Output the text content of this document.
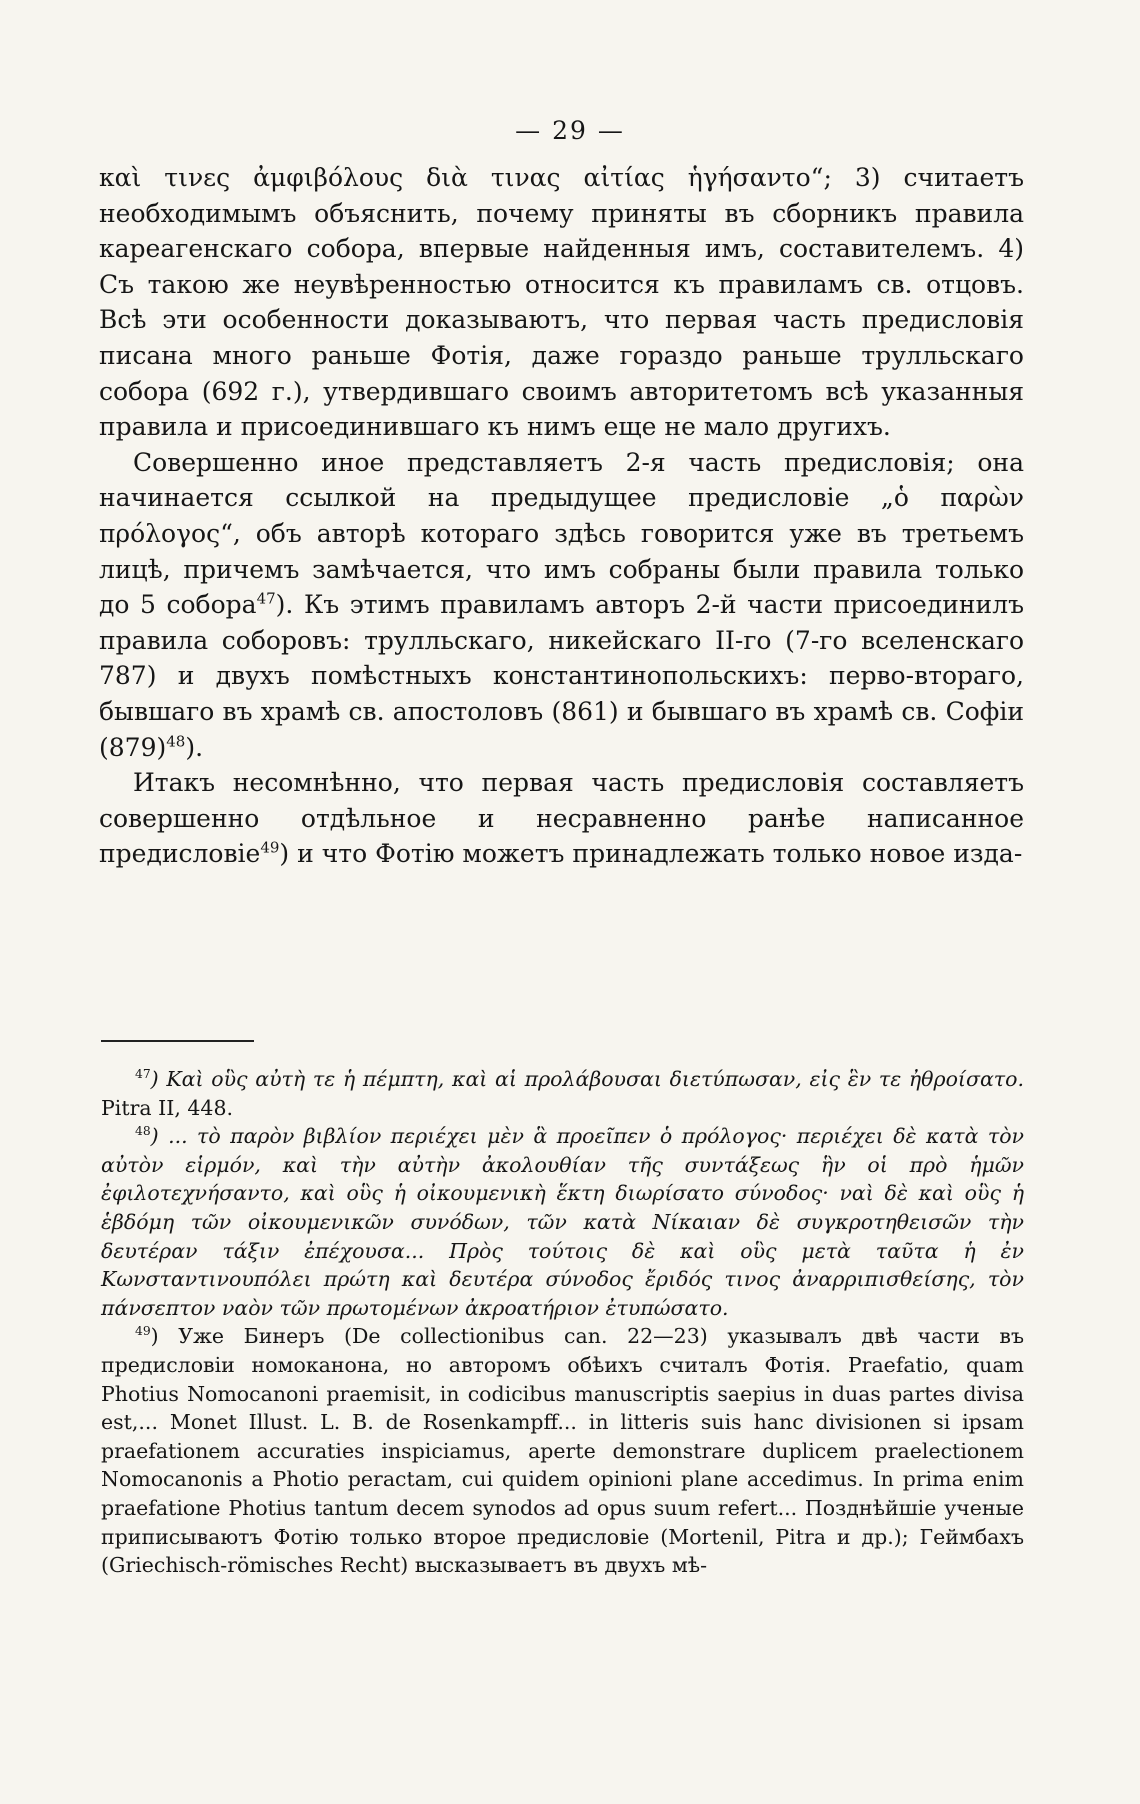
— 29 —

καὶ τινες ἀμφιβόλους διὰ τινας αἰτίας ἡγήσαντο“; 3) считаетъ необходимымъ объяснить, почему приняты въ сборникъ правила кареагенскаго собора, впервые найденныя имъ, составителемъ. 4) Съ такою же неувѣренностью относится къ правиламъ св. отцовъ. Всѣ эти особенности доказываютъ, что первая часть предисловія писана много раньше Фотія, даже гораздо раньше трулльскаго собора (692 г.), утвердившаго своимъ авторитетомъ всѣ указанныя правила и присоединившаго къ нимъ еще не мало другихъ.

Совершенно иное представляетъ 2-я часть предисловія; она начинается ссылкой на предыдущее предисловіе „ὁ παρὼν πρόλογος“, объ авторѣ котораго здѣсь говорится уже въ третьемъ лицѣ, причемъ замѣчается, что имъ собраны были правила только до 5 собора$^{47}$). Къ этимъ правиламъ авторъ 2-й части присоединилъ правила соборовъ: трулльскаго, никейскаго II-го (7-го вселенскаго 787) и двухъ помѣстныхъ константинопольскихъ: перво-втораго, бывшаго въ храмѣ св. апостоловъ (861) и бывшаго въ храмѣ св. Софіи $(879)^{48}$).

Итакъ несомнѣнно, что первая часть предисловія составляетъ совершенно отдѣльное и несравненно ранѣе написанное предисловіе$^{49}$) и что Фотію можетъ принадлежать только новое изда-

$^{47}$) Καὶ οὓς αὐτὴ τε ἡ πέμπτη, καὶ αἱ προλάβουσαι διετύπωσαν, εἰς ἓν τε ἠθροίσατο. Pitra II, 448.

$^{48}$) ... τὸ παρὸν βιβλίον περιέχει μὲν ἃ προεῖπεν ὁ πρόλογος· περιέχει δὲ κατὰ τὸν αὐτὸν εἱρμόν, καὶ τὴν αὐτὴν ἀκολουθίαν τῆς συντάξεως ἣν οἱ πρὸ ἡμῶν ἐφιλοτεχνήσαντο, καὶ οὓς ἡ οἰκουμενικὴ ἕκτη διωρίσατο σύνοδος· ναὶ δὲ καὶ οὓς ἡ ἑβδόμη τῶν οἰκουμενικῶν συνόδων, τῶν κατὰ Νίκαιαν δὲ συγκροτηθεισῶν τὴν δευτέραν τάξιν ἐπέχουσα... Πρὸς τούτοις δὲ καὶ οὓς μετὰ ταῦτα ἡ ἐν Κωνσταντινουπόλει πρώτη καὶ δευτέρα σύνοδος ἔριδός τινος ἀναρριπισθείσης, τὸν πάνσεπτον ναὸν τῶν πρωτομένων ἀκροατήριον ἐτυπώσατο.

$^{49}$) Уже Бинеръ (De collectionibus can. 22—23) указывалъ двѣ части въ предисловіи номоканона, но авторомъ обѣихъ считалъ Фотія. Praefatio, quam Photius Nomocanoni praemisit, in codicibus manuscriptis saepius in duas partes divisa est,... Monet Illust. L. B. de Rosenkampff... in litteris suis hanc divisionen si ipsam praefationem accuraties inspiciamus, aperte demonstrare duplicem praelectionem Nomocanonis a Photio peractam, cui quidem opinioni plane accedimus. In prima enim praefatione Photius tantum decem synodos ad opus suum refert... Позднѣйшіе ученые приписываютъ Фотію только второе предисловіе (Mortenil, Pitra и др.); Геймбахъ (Griechisch-römisches Recht) высказываетъ въ двухъ мѣ-
